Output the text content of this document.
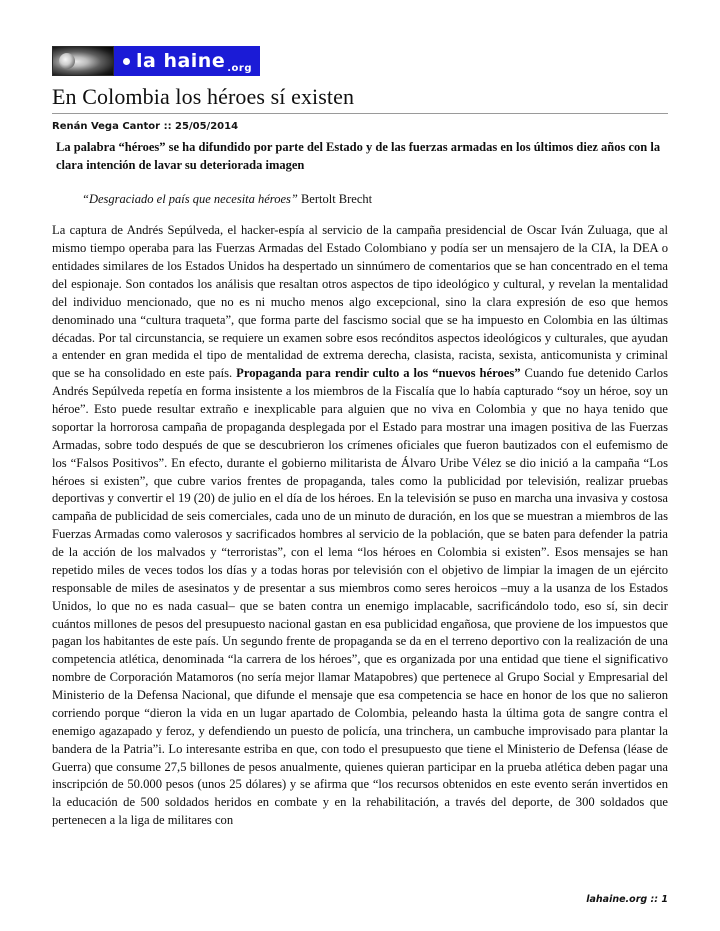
la haine .org
En Colombia los héroes sí existen

Renán Vega Cantor :: 25/05/2014

La palabra “héroes” se ha difundido por parte del Estado y de las fuerzas armadas en los últimos diez años con la clara intención de lavar su deteriorada imagen

“Desgraciado el país que necesita héroes” Bertolt Brecht

La captura de Andrés Sepúlveda, el hacker-espía al servicio de la campaña presidencial de Oscar Iván Zuluaga, que al mismo tiempo operaba para las Fuerzas Armadas del Estado Colombiano y podía ser un mensajero de la CIA, la DEA o entidades similares de los Estados Unidos ha despertado un sinnúmero de comentarios que se han concentrado en el tema del espionaje. Son contados los análisis que resaltan otros aspectos de tipo ideológico y cultural, y revelan la mentalidad del individuo mencionado, que no es ni mucho menos algo excepcional, sino la clara expresión de eso que hemos denominado una “cultura traqueta”, que forma parte del fascismo social que se ha impuesto en Colombia en las últimas décadas. Por tal circunstancia, se requiere un examen sobre esos recónditos aspectos ideológicos y culturales, que ayudan a entender en gran medida el tipo de mentalidad de extrema derecha, clasista, racista, sexista, anticomunista y criminal que se ha consolidado en este país. Propaganda para rendir culto a los “nuevos héroes” Cuando fue detenido Carlos Andrés Sepúlveda repetía en forma insistente a los miembros de la Fiscalía que lo había capturado “soy un héroe, soy un héroe”. Esto puede resultar extraño e inexplicable para alguien que no viva en Colombia y que no haya tenido que soportar la horrorosa campaña de propaganda desplegada por el Estado para mostrar una imagen positiva de las Fuerzas Armadas, sobre todo después de que se descubrieron los crímenes oficiales que fueron bautizados con el eufemismo de los “Falsos Positivos”. En efecto, durante el gobierno militarista de Álvaro Uribe Vélez se dio inició a la campaña “Los héroes si existen”, que cubre varios frentes de propaganda, tales como la publicidad por televisión, realizar pruebas deportivas y convertir el 19 (20) de julio en el día de los héroes. En la televisión se puso en marcha una invasiva y costosa campaña de publicidad de seis comerciales, cada uno de un minuto de duración, en los que se muestran a miembros de las Fuerzas Armadas como valerosos y sacrificados hombres al servicio de la población, que se baten para defender la patria de la acción de los malvados y “terroristas”, con el lema “los héroes en Colombia si existen”. Esos mensajes se han repetido miles de veces todos los días y a todas horas por televisión con el objetivo de limpiar la imagen de un ejército responsable de miles de asesinatos y de presentar a sus miembros como seres heroicos –muy a la usanza de los Estados Unidos, lo que no es nada casual– que se baten contra un enemigo implacable, sacrificándolo todo, eso sí, sin decir cuántos millones de pesos del presupuesto nacional gastan en esa publicidad engañosa, que proviene de los impuestos que pagan los habitantes de este país. Un segundo frente de propaganda se da en el terreno deportivo con la realización de una competencia atlética, denominada “la carrera de los héroes”, que es organizada por una entidad que tiene el significativo nombre de Corporación Matamoros (no sería mejor llamar Matapobres) que pertenece al Grupo Social y Empresarial del Ministerio de la Defensa Nacional, que difunde el mensaje que esa competencia se hace en honor de los que no salieron corriendo porque “dieron la vida en un lugar apartado de Colombia, peleando hasta la última gota de sangre contra el enemigo agazapado y feroz, y defendiendo un puesto de policía, una trinchera, un cambuche improvisado para plantar la bandera de la Patria”i. Lo interesante estriba en que, con todo el presupuesto que tiene el Ministerio de Defensa (léase de Guerra) que consume 27,5 billones de pesos anualmente, quienes quieran participar en la prueba atlética deben pagar una inscripción de 50.000 pesos (unos 25 dólares) y se afirma que “los recursos obtenidos en este evento serán invertidos en la educación de 500 soldados heridos en combate y en la rehabilitación, a través del deporte, de 300 soldados que pertenecen a la liga de militares con

lahaine.org :: 1
